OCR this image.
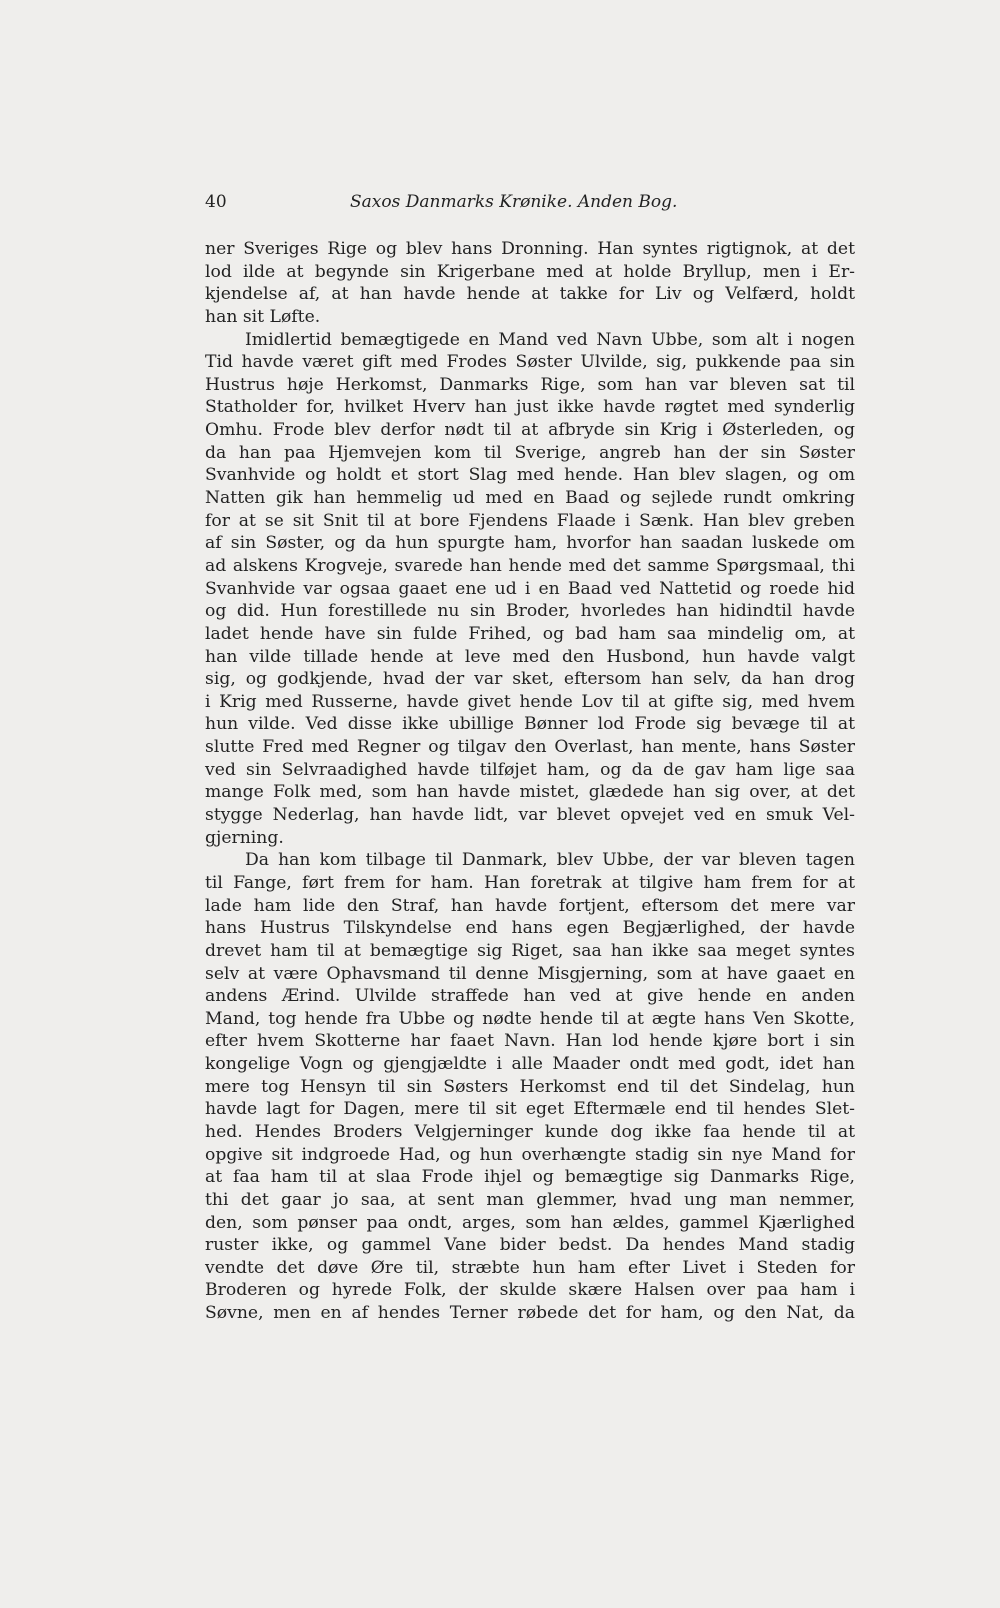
40	Saxos Danmarks Krønike. Anden Bog.
ner Sveriges Rige og blev hans Dronning. Han syntes rigtignok, at det
lod ilde at begynde sin Krigerbane med at holde Bryllup, men i Er-
kjendelse af, at han havde hende at takke for Liv og Velfærd, holdt
han sit Løfte.
Imidlertid bemægtigede en Mand ved Navn Ubbe, som alt i nogen
Tid havde været gift med Frodes Søster Ulvilde, sig, pukkende paa sin
Hustrus høje Herkomst, Danmarks Rige, som han var bleven sat til
Statholder for, hvilket Hverv han just ikke havde røgtet med synderlig
Omhu. Frode blev derfor nødt til at afbryde sin Krig i Østerleden, og
da han paa Hjemvejen kom til Sverige, angreb han der sin Søster
Svanhvide og holdt et stort Slag med hende. Han blev slagen, og om
Natten gik han hemmelig ud med en Baad og sejlede rundt omkring
for at se sit Snit til at bore Fjendens Flaade i Sænk. Han blev greben
af sin Søster, og da hun spurgte ham, hvorfor han saadan luskede om
ad alskens Krogveje, svarede han hende med det samme Spørgsmaal, thi
Svanhvide var ogsaa gaaet ene ud i en Baad ved Nattetid og roede hid
og did. Hun forestillede nu sin Broder, hvorledes han hidindtil havde
ladet hende have sin fulde Frihed, og bad ham saa mindelig om, at
han vilde tillade hende at leve med den Husbond, hun havde valgt
sig, og godkjende, hvad der var sket, eftersom han selv, da han drog
i Krig med Russerne, havde givet hende Lov til at gifte sig, med hvem
hun vilde. Ved disse ikke ubillige Bønner lod Frode sig bevæge til at
slutte Fred med Regner og tilgav den Overlast, han mente, hans Søster
ved sin Selvraadighed havde tilføjet ham, og da de gav ham lige saa
mange Folk med, som han havde mistet, glædede han sig over, at det
stygge Nederlag, han havde lidt, var blevet opvejet ved en smuk Vel-
gjerning.
Da han kom tilbage til Danmark, blev Ubbe, der var bleven tagen
til Fange, ført frem for ham. Han foretrak at tilgive ham frem for at
lade ham lide den Straf, han havde fortjent, eftersom det mere var
hans Hustrus Tilskyndelse end hans egen Begjærlighed, der havde
drevet ham til at bemægtige sig Riget, saa han ikke saa meget syntes
selv at være Ophavsmand til denne Misgjerning, som at have gaaet en
andens Ærind. Ulvilde straffede han ved at give hende en anden
Mand, tog hende fra Ubbe og nødte hende til at ægte hans Ven Skotte,
efter hvem Skotterne har faaet Navn. Han lod hende kjøre bort i sin
kongelige Vogn og gjengjældte i alle Maader ondt med godt, idet han
mere tog Hensyn til sin Søsters Herkomst end til det Sindelag, hun
havde lagt for Dagen, mere til sit eget Eftermæle end til hendes Slet-
hed. Hendes Broders Velgjerninger kunde dog ikke faa hende til at
opgive sit indgroede Had, og hun overhængte stadig sin nye Mand for
at faa ham til at slaa Frode ihjel og bemægtige sig Danmarks Rige,
thi det gaar jo saa, at sent man glemmer, hvad ung man nemmer,
den, som pønser paa ondt, arges, som han ældes, gammel Kjærlighed
ruster ikke, og gammel Vane bider bedst. Da hendes Mand stadig
vendte det døve Øre til, stræbte hun ham efter Livet i Steden for
Broderen og hyrede Folk, der skulde skære Halsen over paa ham i
Søvne, men en af hendes Terner røbede det for ham, og den Nat, da
